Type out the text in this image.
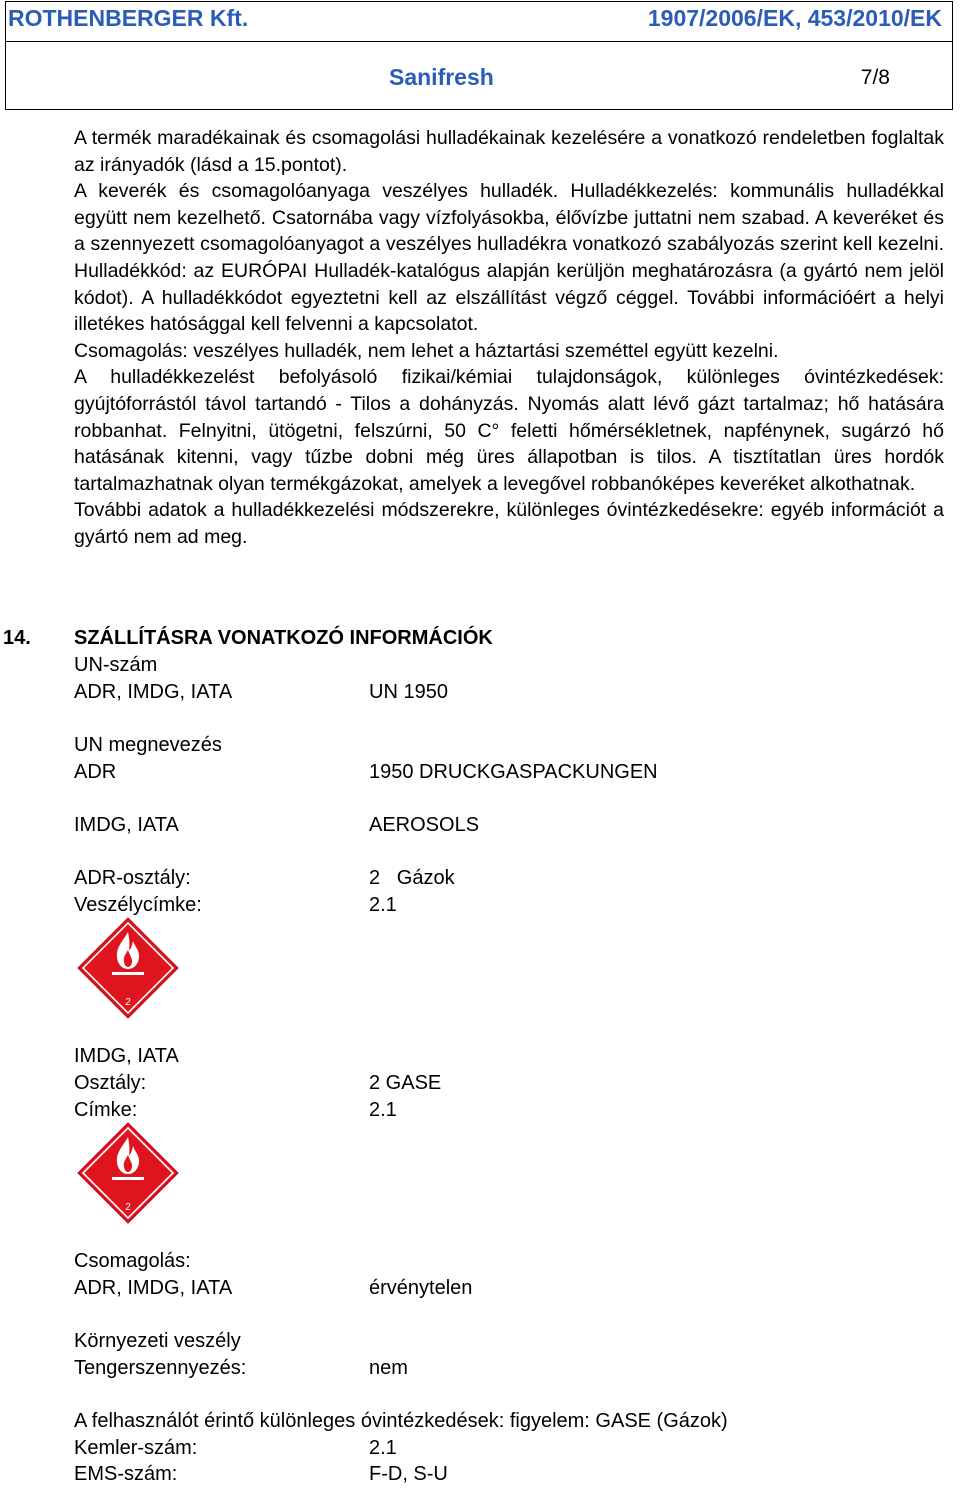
ROTHENBERGER Kft.	1907/2006/EK, 453/2010/EK
Sanifresh	7/8

A termék maradékainak és csomagolási hulladékainak kezelésére a vonatkozó rendeletben foglaltak az irányadók (lásd a 15.pontot).

A keverék és csomagolóanyaga veszélyes hulladék. Hulladékkezelés: kommunális hulladékkal együtt nem kezelhető. Csatornába vagy vízfolyásokba, élővízbe juttatni nem szabad. A keveréket és a szennyezett csomagolóanyagot a veszélyes hulladékra vonatkozó szabályozás szerint kell kezelni. Hulladékkód: az EURÓPAI Hulladék-katalógus alapján kerüljön meghatározásra (a gyártó nem jelöl kódot). A hulladékkódot egyeztetni kell az elszállítást végző céggel. További információért a helyi illetékes hatósággal kell felvenni a kapcsolatot.

Csomagolás: veszélyes hulladék, nem lehet a háztartási szeméttel együtt kezelni.

A hulladékkezelést befolyásoló fizikai/kémiai tulajdonságok, különleges óvintézkedések: gyújtóforrástól távol tartandó - Tilos a dohányzás. Nyomás alatt lévő gázt tartalmaz; hő hatására robbanhat. Felnyitni, ütögetni, felszúrni, 50 C° feletti hőmérsékletnek, napfénynek, sugárzó hő hatásának kitenni, vagy tűzbe dobni még üres állapotban is tilos. A tisztítatlan üres hordók tartalmazhatnak olyan termékgázokat, amelyek a levegővel robbanóképes keveréket alkothatnak.

További adatok a hulladékkezelési módszerekre, különleges óvintézkedésekre: egyéb információt a gyártó nem ad meg.

14. SZÁLLÍTÁSRA VONATKOZÓ INFORMÁCIÓK
UN-szám
ADR, IMDG, IATA	UN 1950
UN megnevezés
ADR	1950 DRUCKGASPACKUNGEN
IMDG, IATA	AEROSOLS
ADR-osztály:	2   Gázok
Veszélycímke:	2.1
2
IMDG, IATA
Osztály:	2 GASE
Címke:	2.1
2
Csomagolás:
ADR, IMDG, IATA	érvénytelen
Környezeti veszély
Tengerszennyezés:	nem
A felhasználót érintő különleges óvintézkedések: figyelem: GASE (Gázok)
Kemler-szám:	2.1
EMS-szám:	F-D, S-U
